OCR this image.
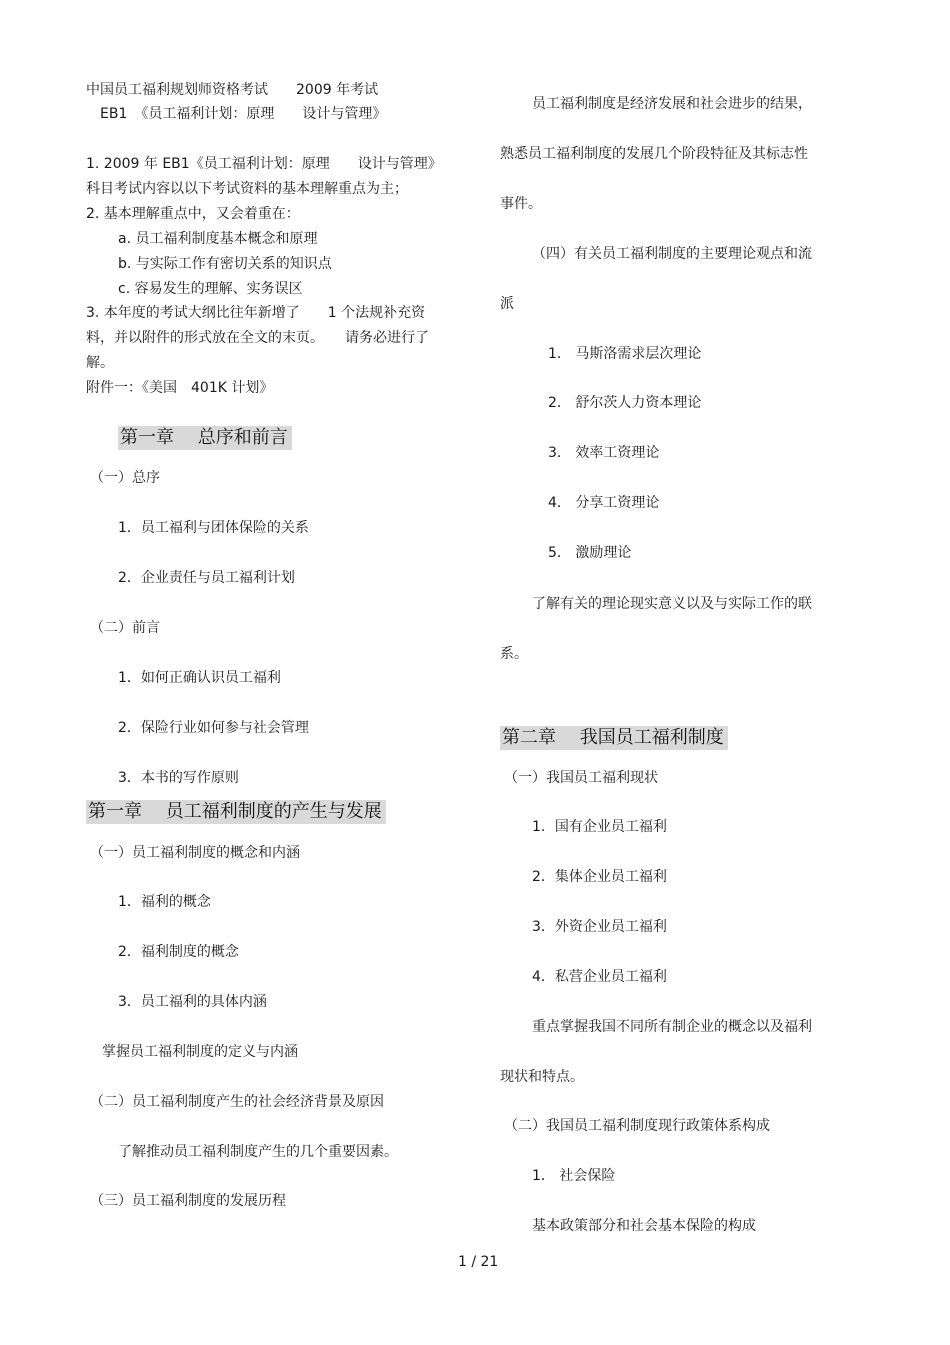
中国员工福利规划师资格考试　　2009 年考试
EB1　《员工福利计划：原理　　设计与管理》
1. 2009 年 EB1《员工福利计划：原理　　设计与管理》
科目考试内容以以下考试资料的基本理解重点为主；
2. 基本理解重点中，又会着重在：
a. 员工福利制度基本概念和原理
b. 与实际工作有密切关系的知识点
c. 容易发生的理解、实务误区
3. 本年度的考试大纲比往年新增了　　1 个法规补充资
料，并以附件的形式放在全文的末页。　　请务必进行了
解。
附件一：《美国　401K 计划》
第一章　 总序和前言
（一）总序
1．员工福利与团体保险的关系
2．企业责任与员工福利计划
（二）前言
1．如何正确认识员工福利
2．保险行业如何参与社会管理
3．本书的写作原则
第一章　 员工福利制度的产生与发展
（一）员工福利制度的概念和内涵
1．福利的概念
2．福利制度的概念
3．员工福利的具体内涵
掌握员工福利制度的定义与内涵
（二）员工福利制度产生的社会经济背景及原因
了解推动员工福利制度产生的几个重要因素。
（三）员工福利制度的发展历程
员工福利制度是经济发展和社会进步的结果，
熟悉员工福利制度的发展几个阶段特征及其标志性
事件。
（四）有关员工福利制度的主要理论观点和流
派
1． 马斯洛需求层次理论
2． 舒尔茨人力资本理论
3． 效率工资理论
4． 分享工资理论
5． 激励理论
了解有关的理论现实意义以及与实际工作的联
系。
第二章　 我国员工福利制度
（一）我国员工福利现状
1．国有企业员工福利
2．集体企业员工福利
3．外资企业员工福利
4．私营企业员工福利
重点掌握我国不同所有制企业的概念以及福利
现状和特点。
（二）我国员工福利制度现行政策体系构成
1． 社会保险
基本政策部分和社会基本保险的构成
1 / 21
